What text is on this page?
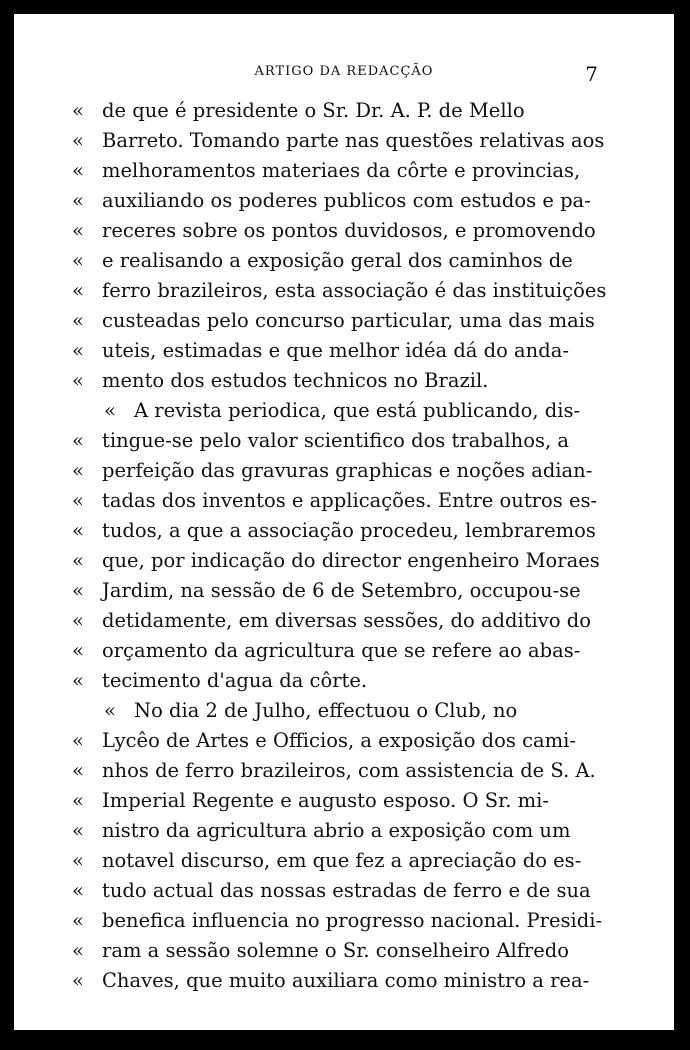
ARTIGO DA REDACÇÃO	7
« de que é presidente o Sr. Dr. A. P. de Mello
« Barreto. Tomando parte nas questões relativas aos
« melhoramentos materiaes da côrte e provincias,
« auxiliando os poderes publicos com estudos e pa-
« receres sobre os pontos duvidosos, e promovendo
« e realisando a exposição geral dos caminhos de
« ferro brazileiros, esta associação é das instituições
« custeadas pelo concurso particular, uma das mais
« uteis, estimadas e que melhor idéa dá do anda-
« mento dos estudos technicos no Brazil.
« A revista periodica, que está publicando, dis-
« tingue-se pelo valor scientifico dos trabalhos, a
« perfeição das gravuras graphicas e noções adian-
« tadas dos inventos e applicações. Entre outros es-
« tudos, a que a associação procedeu, lembraremos
« que, por indicação do director engenheiro Moraes
« Jardim, na sessão de 6 de Setembro, occupou-se
« detidamente, em diversas sessões, do additivo do
« orçamento da agricultura que se refere ao abas-
« tecimento d'agua da côrte.
« No dia 2 de Julho, effectuou o Club, no
« Lycêo de Artes e Officios, a exposição dos cami-
« nhos de ferro brazileiros, com assistencia de S. A.
« Imperial Regente e augusto esposo. O Sr. mi-
« nistro da agricultura abrio a exposição com um
« notavel discurso, em que fez a apreciação do es-
« tudo actual das nossas estradas de ferro e de sua
« benefica influencia no progresso nacional. Presidi-
« ram a sessão solemne o Sr. conselheiro Alfredo
« Chaves, que muito auxiliara como ministro a rea-
